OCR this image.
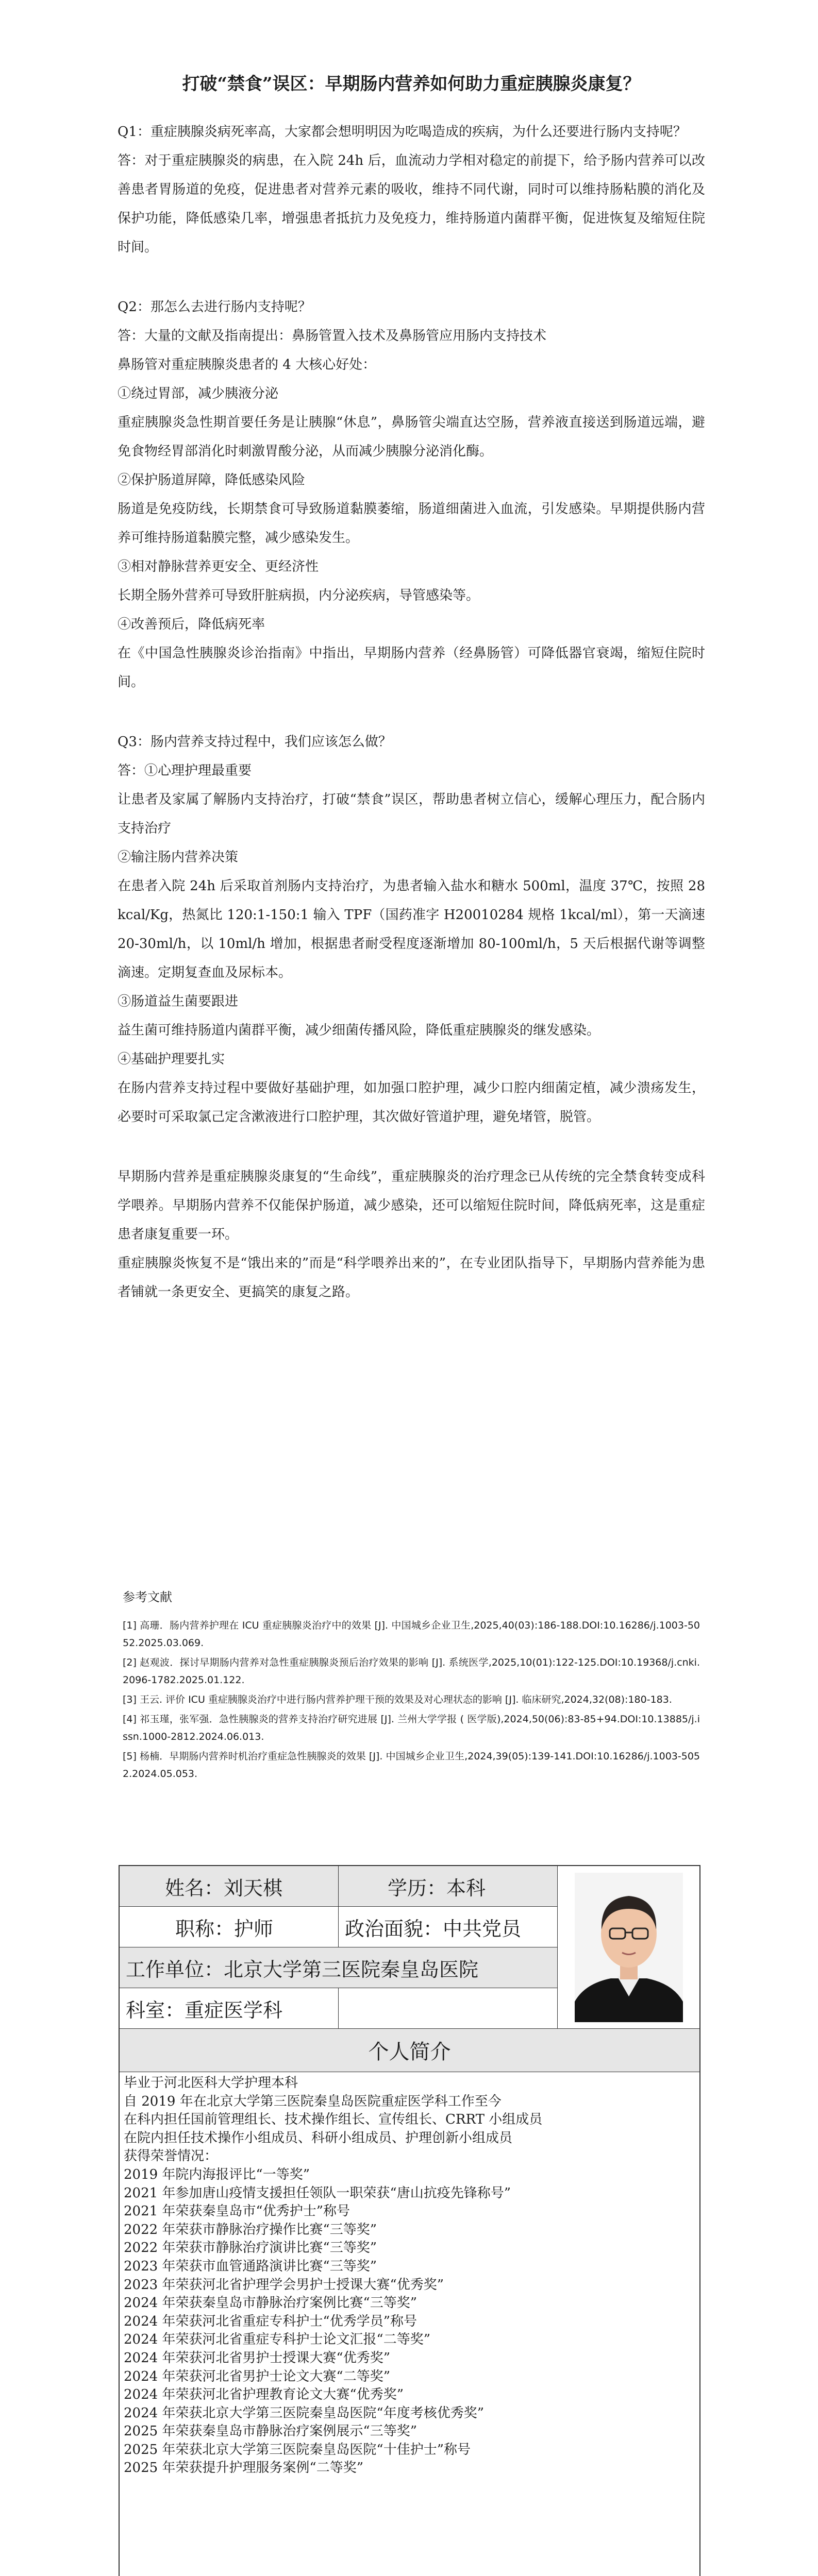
打破“禁食”误区：早期肠内营养如何助力重症胰腺炎康复？

Q1：重症胰腺炎病死率高，大家都会想明明因为吃喝造成的疾病，为什么还要进行肠内支持呢？

答：对于重症胰腺炎的病患，在入院 24h 后，血流动力学相对稳定的前提下，给予肠内营养可以改善患者胃肠道的免疫，促进患者对营养元素的吸收，维持不同代谢，同时可以维持肠粘膜的消化及保护功能，降低感染几率，增强患者抵抗力及免疫力，维持肠道内菌群平衡，促进恢复及缩短住院时间。

Q2：那怎么去进行肠内支持呢？

答：大量的文献及指南提出：鼻肠管置入技术及鼻肠管应用肠内支持技术

鼻肠管对重症胰腺炎患者的 4 大核心好处：

①绕过胃部，减少胰液分泌

重症胰腺炎急性期首要任务是让胰腺“休息”，鼻肠管尖端直达空肠，营养液直接送到肠道远端，避免食物经胃部消化时刺激胃酸分泌，从而减少胰腺分泌消化酶。

②保护肠道屏障，降低感染风险

肠道是免疫防线，长期禁食可导致肠道黏膜萎缩，肠道细菌进入血流，引发感染。早期提供肠内营养可维持肠道黏膜完整，减少感染发生。

③相对静脉营养更安全、更经济性

长期全肠外营养可导致肝脏病损，内分泌疾病，导管感染等。

④改善预后，降低病死率

在《中国急性胰腺炎诊治指南》中指出，早期肠内营养（经鼻肠管）可降低器官衰竭，缩短住院时间。

Q3：肠内营养支持过程中，我们应该怎么做？

答：①心理护理最重要

让患者及家属了解肠内支持治疗，打破“禁食”误区，帮助患者树立信心，缓解心理压力，配合肠内支持治疗

②输注肠内营养决策

在患者入院 24h 后采取首剂肠内支持治疗，为患者输入盐水和糖水 500ml，温度 37℃，按照 28kcal/Kg，热氮比 120:1-150:1 输入 TPF（国药准字 H20010284 规格 1kcal/ml），第一天滴速 20-30ml/h，以 10ml/h 增加，根据患者耐受程度逐渐增加 80-100ml/h，5 天后根据代谢等调整滴速。定期复查血及尿标本。

③肠道益生菌要跟进

益生菌可维持肠道内菌群平衡，减少细菌传播风险，降低重症胰腺炎的继发感染。

④基础护理要扎实

在肠内营养支持过程中要做好基础护理，如加强口腔护理，减少口腔内细菌定植，减少溃疡发生，必要时可采取氯己定含漱液进行口腔护理，其次做好管道护理，避免堵管，脱管。

早期肠内营养是重症胰腺炎康复的“生命线”，重症胰腺炎的治疗理念已从传统的完全禁食转变成科学喂养。早期肠内营养不仅能保护肠道，减少感染，还可以缩短住院时间，降低病死率，这是重症患者康复重要一环。

重症胰腺炎恢复不是“饿出来的”而是“科学喂养出来的”，在专业团队指导下，早期肠内营养能为患者铺就一条更安全、更搞笑的康复之路。

参考文献

[1] 高珊．肠内营养护理在 ICU 重症胰腺炎治疗中的效果 [J]. 中国城乡企业卫生,2025,40(03):186-188.DOI:10.16286/j.1003-5052.2025.03.069.

[2] 赵观波．探讨早期肠内营养对急性重症胰腺炎预后治疗效果的影响 [J]. 系统医学,2025,10(01):122-125.DOI:10.19368/j.cnki.2096-1782.2025.01.122.

[3] 王云. 评价 ICU 重症胰腺炎治疗中进行肠内营养护理干预的效果及对心理状态的影响 [J]. 临床研究,2024,32(08):180-183.

[4] 祁玉瑾，张军强．急性胰腺炎的营养支持治疗研究进展 [J]. 兰州大学学报 ( 医学版),2024,50(06):83-85+94.DOI:10.13885/j.issn.1000-2812.2024.06.013.

[5] 杨楠．早期肠内营养时机治疗重症急性胰腺炎的效果 [J]. 中国城乡企业卫生,2024,39(05):139-141.DOI:10.16286/j.1003-5052.2024.05.053.

姓名：刘天棋	学历：本科
职称：护师	政治面貌：中共党员
工作单位：北京大学第三医院秦皇岛医院
科室：重症医学科
个人简介

毕业于河北医科大学护理本科

自 2019 年在北京大学第三医院秦皇岛医院重症医学科工作至今

在科内担任国前管理组长、技术操作组长、宣传组长、CRRT 小组成员

在院内担任技术操作小组成员、科研小组成员、护理创新小组成员

获得荣誉情况：

2019 年院内海报评比“一等奖”

2021 年参加唐山疫情支援担任领队一职荣获“唐山抗疫先锋称号”

2021 年荣获秦皇岛市“优秀护士”称号

2022 年荣获市静脉治疗操作比赛“三等奖”

2022 年荣获市静脉治疗演讲比赛“三等奖”

2023 年荣获市血管通路演讲比赛“三等奖”

2023 年荣获河北省护理学会男护士授课大赛“优秀奖”

2024 年荣获秦皇岛市静脉治疗案例比赛“三等奖”

2024 年荣获河北省重症专科护士“优秀学员”称号

2024 年荣获河北省重症专科护士论文汇报“二等奖”

2024 年荣获河北省男护士授课大赛“优秀奖”

2024 年荣获河北省男护士论文大赛“二等奖”

2024 年荣获河北省护理教育论文大赛“优秀奖”

2024 年荣获北京大学第三医院秦皇岛医院“年度考核优秀奖”

2025 年荣获秦皇岛市静脉治疗案例展示“三等奖”

2025 年荣获北京大学第三医院秦皇岛医院“十佳护士”称号

2025 年荣获提升护理服务案例“二等奖”
